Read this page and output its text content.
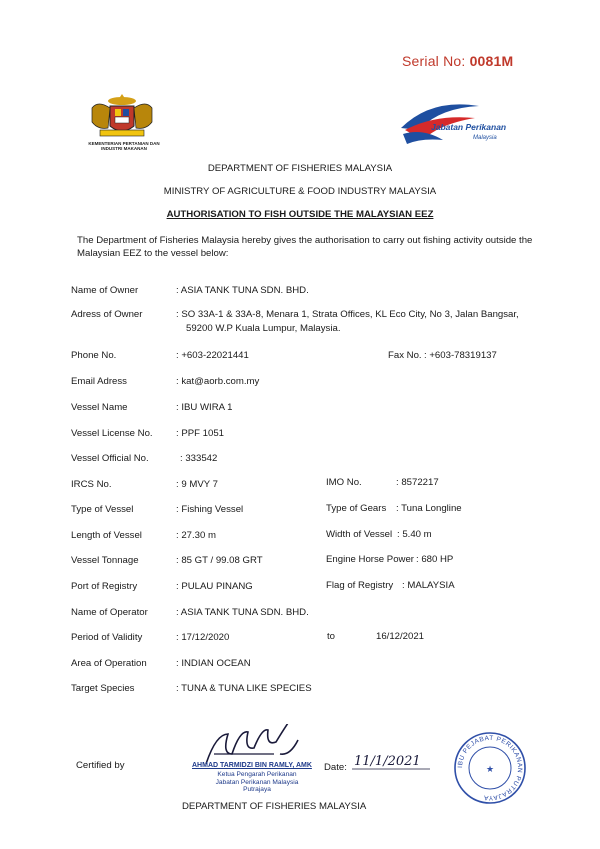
Serial No: 0081M
KEMENTERIAN PERTANIAN DAN INDUSTRI MAKANAN
Jabatan Perikanan
Malaysia
DEPARTMENT OF FISHERIES MALAYSIA
MINISTRY OF AGRICULTURE & FOOD INDUSTRY MALAYSIA
AUTHORISATION TO FISH OUTSIDE THE MALAYSIAN EEZ
The Department of Fisheries Malaysia hereby gives the authorisation to carry out fishing activity outside the Malaysian EEZ to the vessel below:
Name of Owner	: ASIA TANK TUNA SDN. BHD.
Adress of Owner	: SO 33A-1 & 33A-8, Menara 1, Strata Offices, KL Eco City, No 3, Jalan Bangsar,
59200 W.P Kuala Lumpur, Malaysia.
Phone No.	: +603-22021441	Fax No. : +603-78319137
Email Adress	: kat@aorb.com.my
Vessel Name	: IBU WIRA 1
Vessel License No. : PPF 1051
Vessel Official No.	: 333542
IRCS No.	: 9 MVY 7	IMO No.	: 8572217
Type of Vessel	: Fishing Vessel	Type of Gears : Tuna Longline
Length of Vessel	: 27.30 m	Width of Vessel : 5.40 m
Vessel Tonnage	: 85 GT / 99.08 GRT	Engine Horse Power : 680 HP
Port of Registry	: PULAU PINANG	Flag of Registry : MALAYSIA
Name of Operator	: ASIA TANK TUNA SDN. BHD.
Period of Validity	: 17/12/2020	to	16/12/2021
Area of Operation	: INDIAN OCEAN
Target Species	: TUNA & TUNA LIKE SPECIES
Certified by	AHMAD TARMIDZI BIN RAMLY, AMK Date: 11/1/2021
Ketua Pengarah Perikanan
Jabatan Perikanan Malaysia
Putrajaya
IBU PEJABAT PERIKANAN PUTRAJAYA
★
DEPARTMENT OF FISHERIES MALAYSIA
